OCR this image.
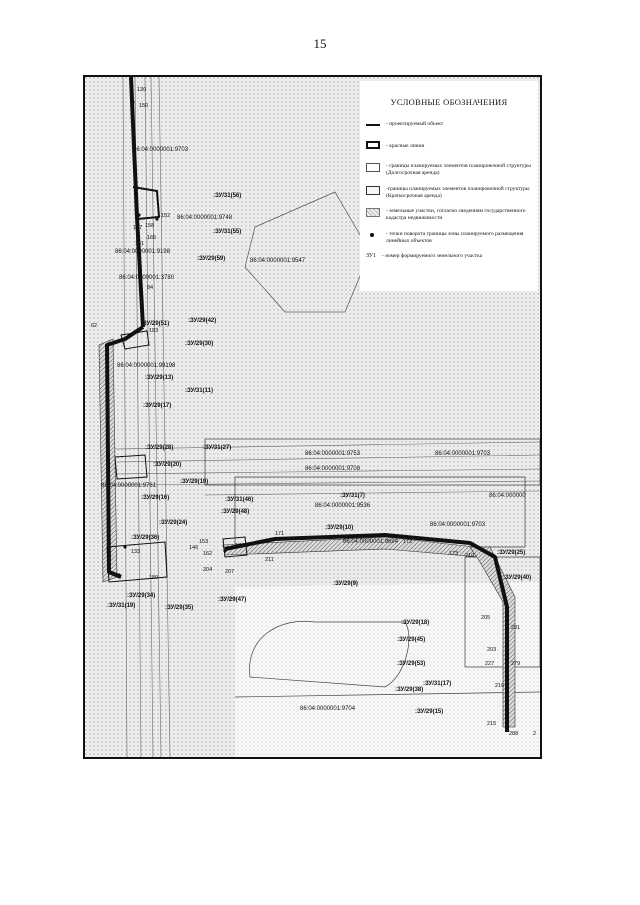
15
86:04:0000001:9703
86:04:0000001:9748
86:04:0000001:9547
86:04:0000001:9198
86:04:0000001:3780
86:04:0000001:99198
86:04:0000001:9761
86:04:0000001:9753
86:04:0000001:9708
86:04:0000001:9703
86:04:0000001:9536
86:04:0000001:9694
86:04:0000001:9703
86:04:0000001:9704
86:04:000000
:ЗУ/31(56)
:ЗУ/31(55)
:ЗУ/29(59)
:ЗУ/29(51)	:ЗУ/29(42)
:ЗУ/29(30)
:ЗУ/29(13)
:ЗУ/31(11)
:ЗУ/29(17)
:ЗУ/29(28)	:ЗУ/31(27)
:ЗУ/29(20)
:ЗУ/29(19)
:ЗУ/29(16)
:ЗУ/29(48)
:ЗУ/31(46)
:ЗУ/31(7)
:ЗУ/29(10)
:ЗУ/29(24)
:ЗУ/29(36)
:ЗУ/29(9)
:ЗУ/29(47)
:ЗУ/29(34)
:ЗУ/29(35)
:ЗУ/31(19)
:ЗУ/29(18)
:ЗУ/29(45)
:ЗУ/29(53)
:ЗУ/31(17)
:ЗУ/29(38)
:ЗУ/29(15)
:ЗУ/29(25)
:ЗУ/29(40)
130
150
152
158
157
165
161
84
183
62
153
146
162
133
180
204 207
174
211
171
172
173 210
205
281
203
227	279
216
215
288	2
УСЛОВНЫЕ ОБОЗНАЧЕНИЯ
- проектируемый объект
- красные линии
- границы планируемых элементов планировочной структуры (Долгосрочная аренда)
-границы планируемых элементов планировочной структуры (Краткосрочная аренда)
- земельные участки, согласно сведениям государственного кадастра недвижимости
- точки поворота границы зоны планируемого размещения линейных объектов
ЗУ1 - номер формируемого земельного участка
